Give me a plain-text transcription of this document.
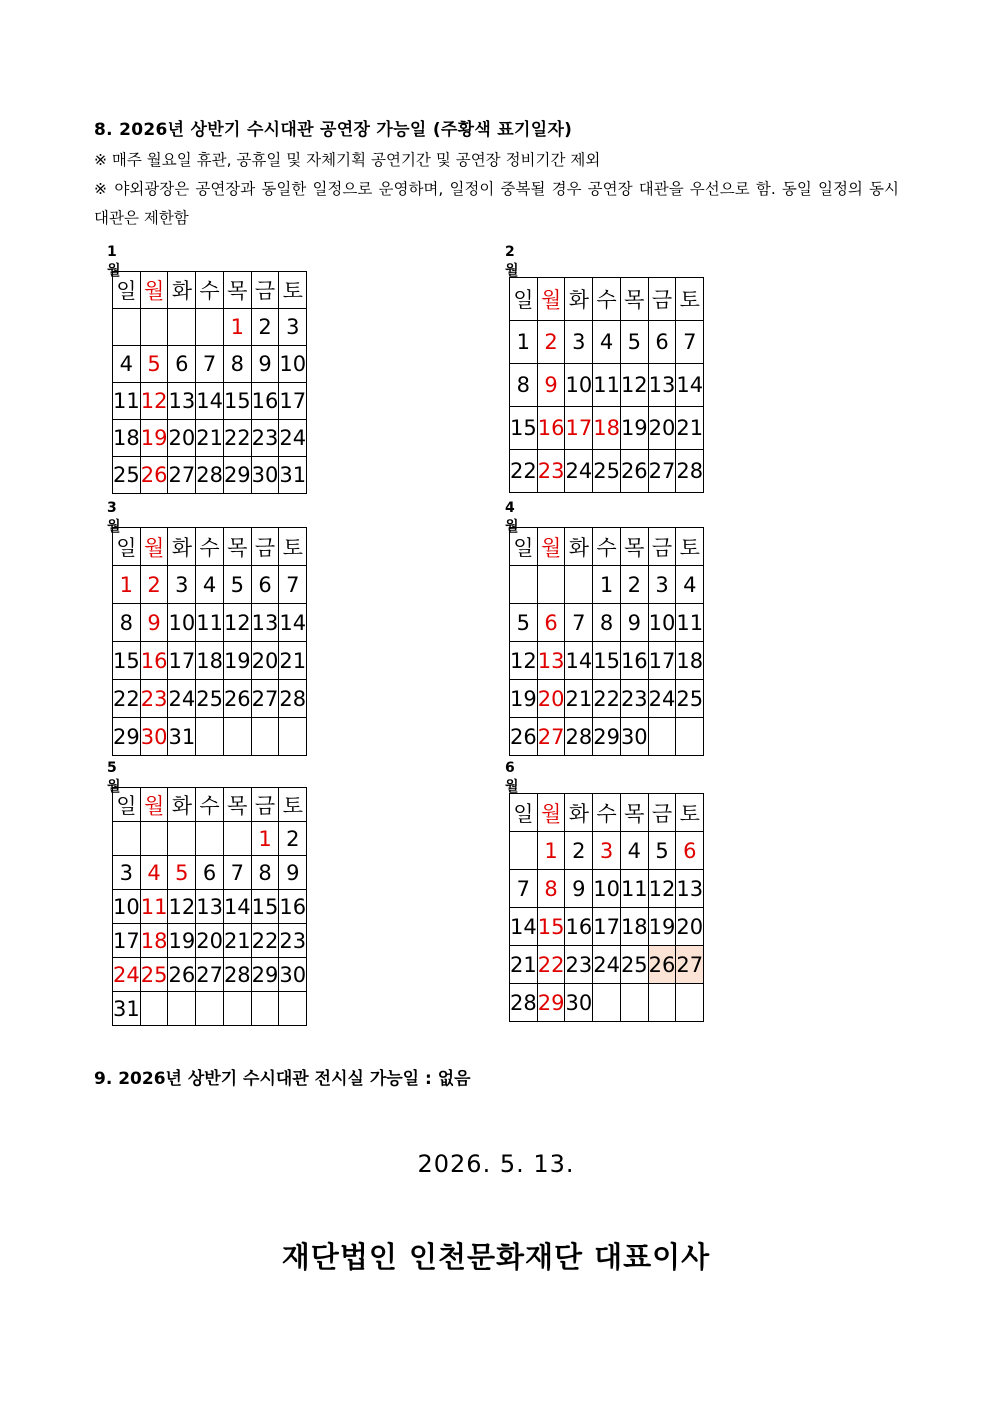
8. 2026년 상반기 수시대관 공연장 가능일 (주황색 표기일자)
※ 매주 월요일 휴관, 공휴일 및 자체기획 공연기간 및 공연장 정비기간 제외
※ 야외광장은 공연장과 동일한 일정으로 운영하며, 일정이 중복될 경우 공연장 대관을 우선으로 함. 동일 일정의 동시 대관은 제한함
1월
일	월	화	수	목	금	토
				1	2	3
4	5	6	7	8	9	10
11	12	13	14	15	16	17
18	19	20	21	22	23	24
25	26	27	28	29	30	31
2월
일	월	화	수	목	금	토
1	2	3	4	5	6	7
8	9	10	11	12	13	14
15	16	17	18	19	20	21
22	23	24	25	26	27	28
3월
일	월	화	수	목	금	토
1	2	3	4	5	6	7
8	9	10	11	12	13	14
15	16	17	18	19	20	21
22	23	24	25	26	27	28
29	30	31				
4월
일	월	화	수	목	금	토
			1	2	3	4
5	6	7	8	9	10	11
12	13	14	15	16	17	18
19	20	21	22	23	24	25
26	27	28	29	30		
5월
일	월	화	수	목	금	토
					1	2
3	4	5	6	7	8	9
10	11	12	13	14	15	16
17	18	19	20	21	22	23
24	25	26	27	28	29	30
31						
6월
일	월	화	수	목	금	토
	1	2	3	4	5	6
7	8	9	10	11	12	13
14	15	16	17	18	19	20
21	22	23	24	25	26	27
28	29	30				
9. 2026년 상반기 수시대관 전시실 가능일 : 없음
2026. 5. 13.
재단법인 인천문화재단 대표이사
